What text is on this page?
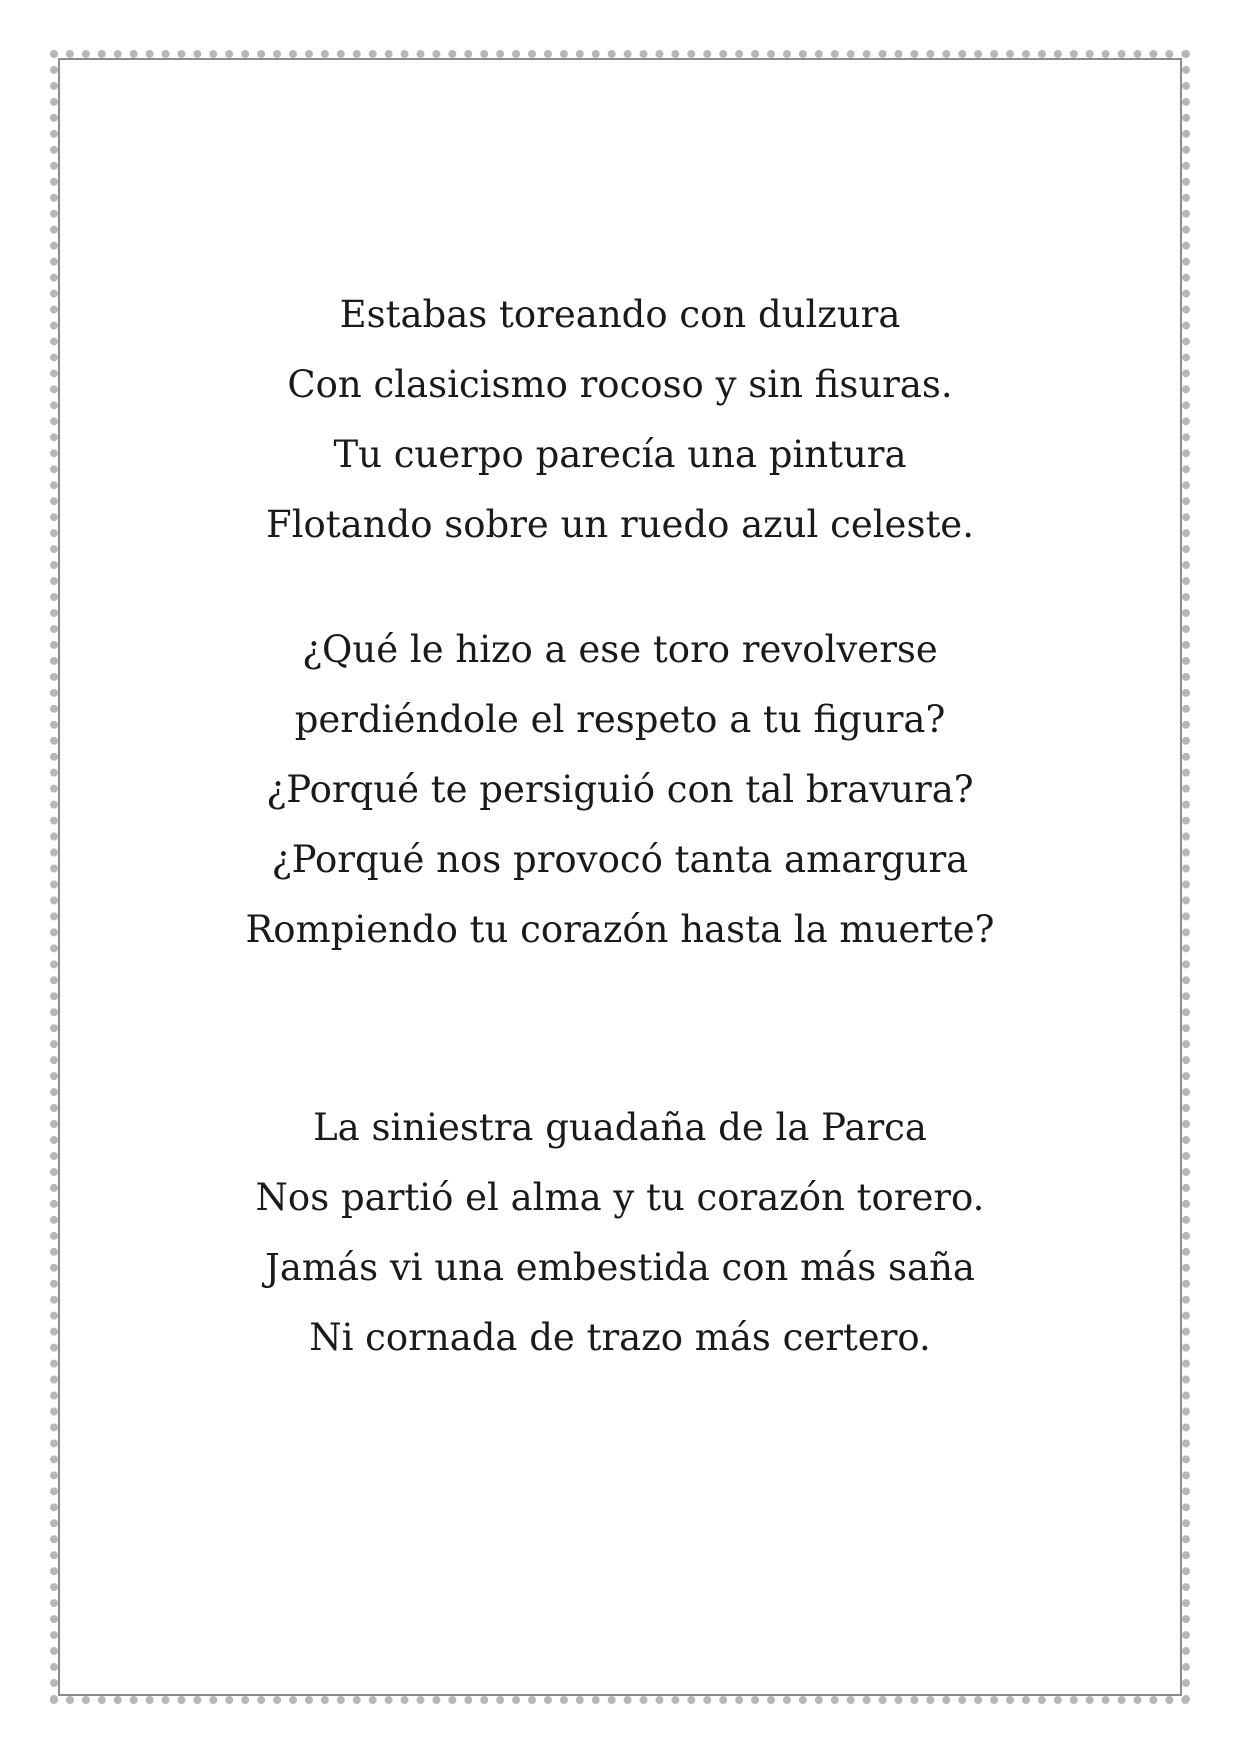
Estabas toreando con dulzura
Con clasicismo rocoso y sin fisuras.
Tu cuerpo parecía una pintura
Flotando sobre un ruedo azul celeste.
¿Qué le hizo a ese toro revolverse
perdiéndole el respeto a tu figura?
¿Porqué te persiguió con tal bravura?
¿Porqué nos provocó tanta amargura
Rompiendo tu corazón hasta la muerte?
La siniestra guadaña de la Parca
Nos partió el alma y tu corazón torero.
Jamás vi una embestida con más saña
Ni cornada de trazo más certero.
